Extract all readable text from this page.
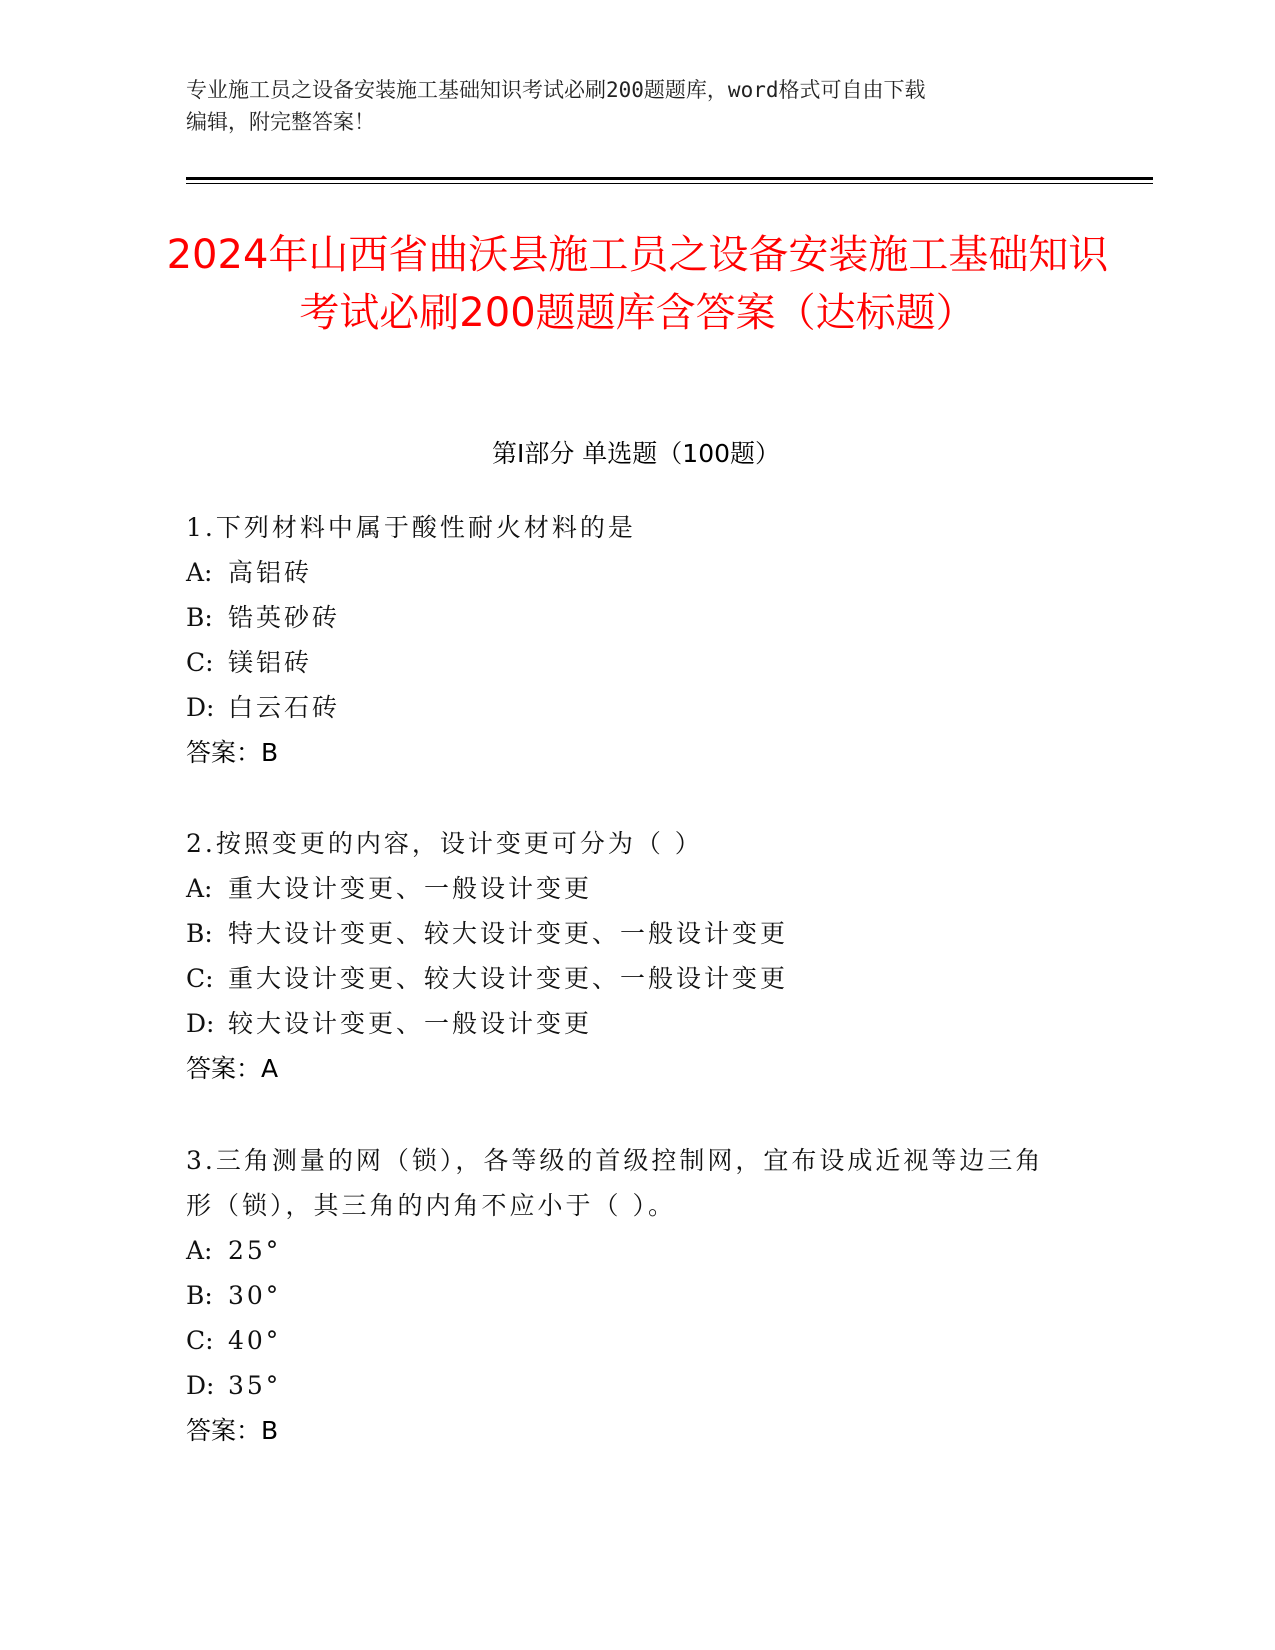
专业施工员之设备安装施工基础知识考试必刷200题题库，word格式可自由下载
编辑，附完整答案！
2024年山西省曲沃县施工员之设备安装施工基础知识考试必刷200题题库含答案（达标题）
第I部分 单选题（100题）
1.下列材料中属于酸性耐火材料的是
A: 高铝砖
B: 锆英砂砖
C: 镁铝砖
D: 白云石砖
答案：B
2.按照变更的内容，设计变更可分为（ ）
A: 重大设计变更、一般设计变更
B: 特大设计变更、较大设计变更、一般设计变更
C: 重大设计变更、较大设计变更、一般设计变更
D: 较大设计变更、一般设计变更
答案：A
3.三角测量的网（锁），各等级的首级控制网，宜布设成近视等边三角形（锁），其三角的内角不应小于（ ）。
A: 25°
B: 30°
C: 40°
D: 35°
答案：B
